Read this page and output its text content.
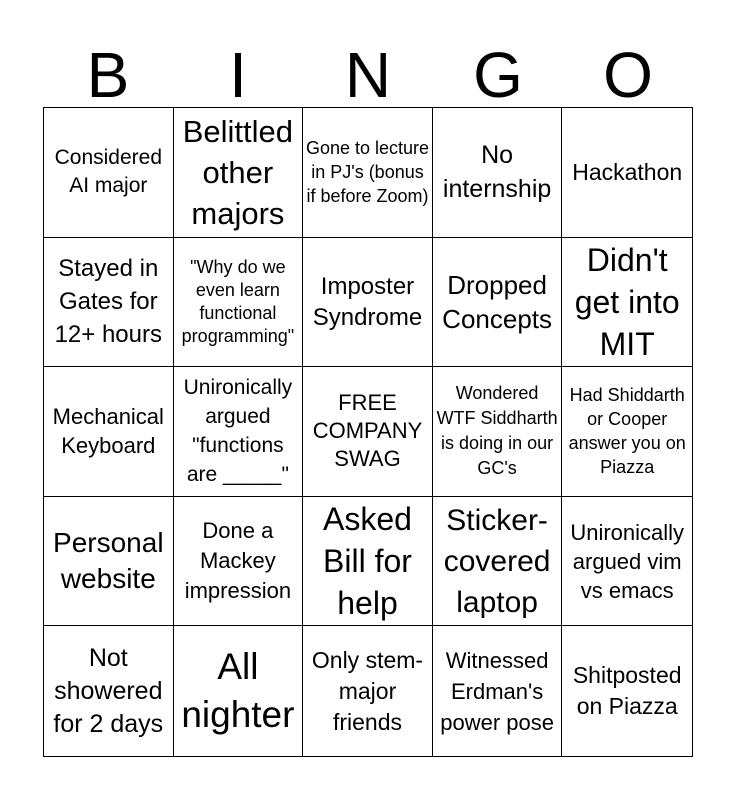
B	I	N	G	O
Considered AI major
Belittled other majors
Gone to lecture in PJ's (bonus if before Zoom)
No internship
Hackathon
Stayed in Gates for 12+ hours
"Why do we even learn functional programming"
Imposter Syndrome
Dropped Concepts
Didn't get into MIT
Mechanical Keyboard
Unironically argued "functions are _____"
FREE COMPANY SWAG
Wondered WTF Siddharth is doing in our GC's
Had Shiddarth or Cooper answer you on Piazza
Personal website
Done a Mackey impression
Asked Bill for help
Sticker-covered laptop
Unironically argued vim vs emacs
Not showered for 2 days
All nighter
Only stem-major friends
Witnessed Erdman's power pose
Shitposted on Piazza
